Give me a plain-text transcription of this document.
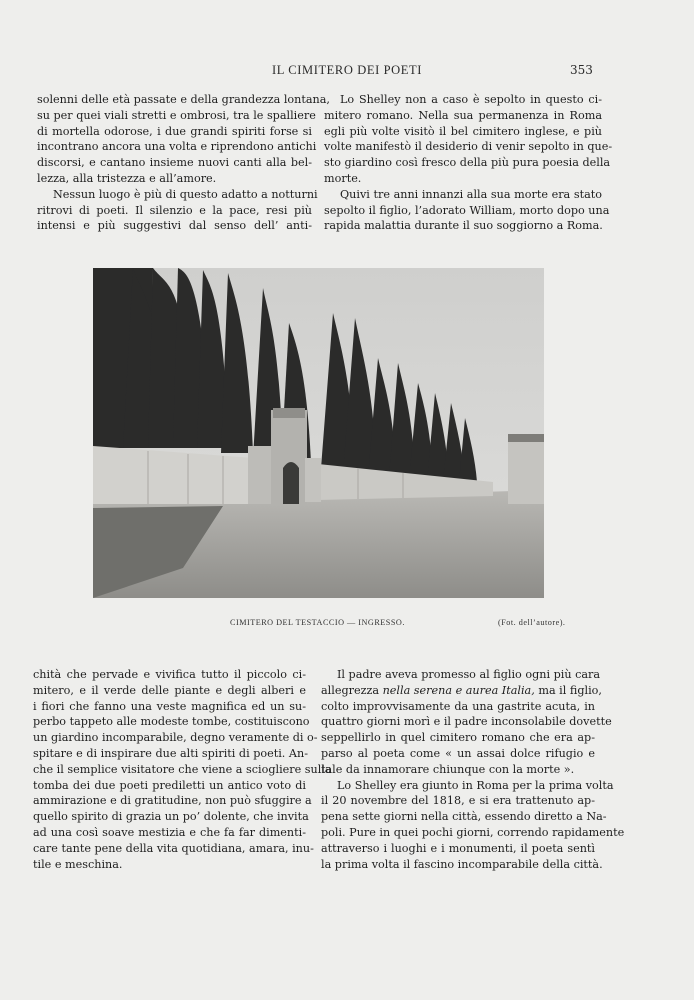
IL CIMITERO DEI POETI	353

solenni delle età passate e della grandezza lontana,
su per quei viali stretti e ombrosi, tra le spalliere
di mortella odorose, i due grandi spiriti forse si
incontrano ancora una volta e riprendono antichi
discorsi, e cantano insieme nuovi canti alla bel-
lezza, alla tristezza e all’amore.

Nessun luogo è più di questo adatto a notturni
ritrovi di poeti. Il silenzio e la pace, resi più
intensi e più suggestivi dal senso dell’ anti-

Lo Shelley non a caso è sepolto in questo ci-
mitero romano. Nella sua permanenza in Roma
egli più volte visitò il bel cimitero inglese, e più
volte manifestò il desiderio di venir sepolto in que-
sto giardino così fresco della più pura poesia della
morte.

Quivi tre anni innanzi alla sua morte era stato
sepolto il figlio, l’adorato William, morto dopo una
rapida malattia durante il suo soggiorno a Roma.

CIMITERO DEL TESTACCIO — INGRESSO.	(Fot. dell’autore).

chità che pervade e vivifica tutto il piccolo ci-
mitero, e il verde delle piante e degli alberi e
i fiori che fanno una veste magnifica ed un su-
perbo tappeto alle modeste tombe, costituiscono
un giardino incomparabile, degno veramente di o-
spitare e di inspirare due alti spiriti di poeti. An-
che il semplice visitatore che viene a sciogliere sulla
tomba dei due poeti prediletti un antico voto di
ammirazione e di gratitudine, non può sfuggire a
quello spirito di grazia un po’ dolente, che invita
ad una così soave mestizia e che fa far dimenti-
care tante pene della vita quotidiana, amara, inu-
tile e meschina.

Il padre aveva promesso al figlio ogni più cara
allegrezza nella serena e aurea Italia, ma il figlio,
colto improvvisamente da una gastrite acuta, in
quattro giorni morì e il padre inconsolabile dovette
seppellirlo in quel cimitero romano che era ap-
parso al poeta come « un assai dolce rifugio e
tale da innamorare chiunque con la morte ».

Lo Shelley era giunto in Roma per la prima volta
il 20 novembre del 1818, e si era trattenuto ap-
pena sette giorni nella città, essendo diretto a Na-
poli. Pure in quei pochi giorni, correndo rapidamente
attraverso i luoghi e i monumenti, il poeta sentì
la prima volta il fascino incomparabile della città.
